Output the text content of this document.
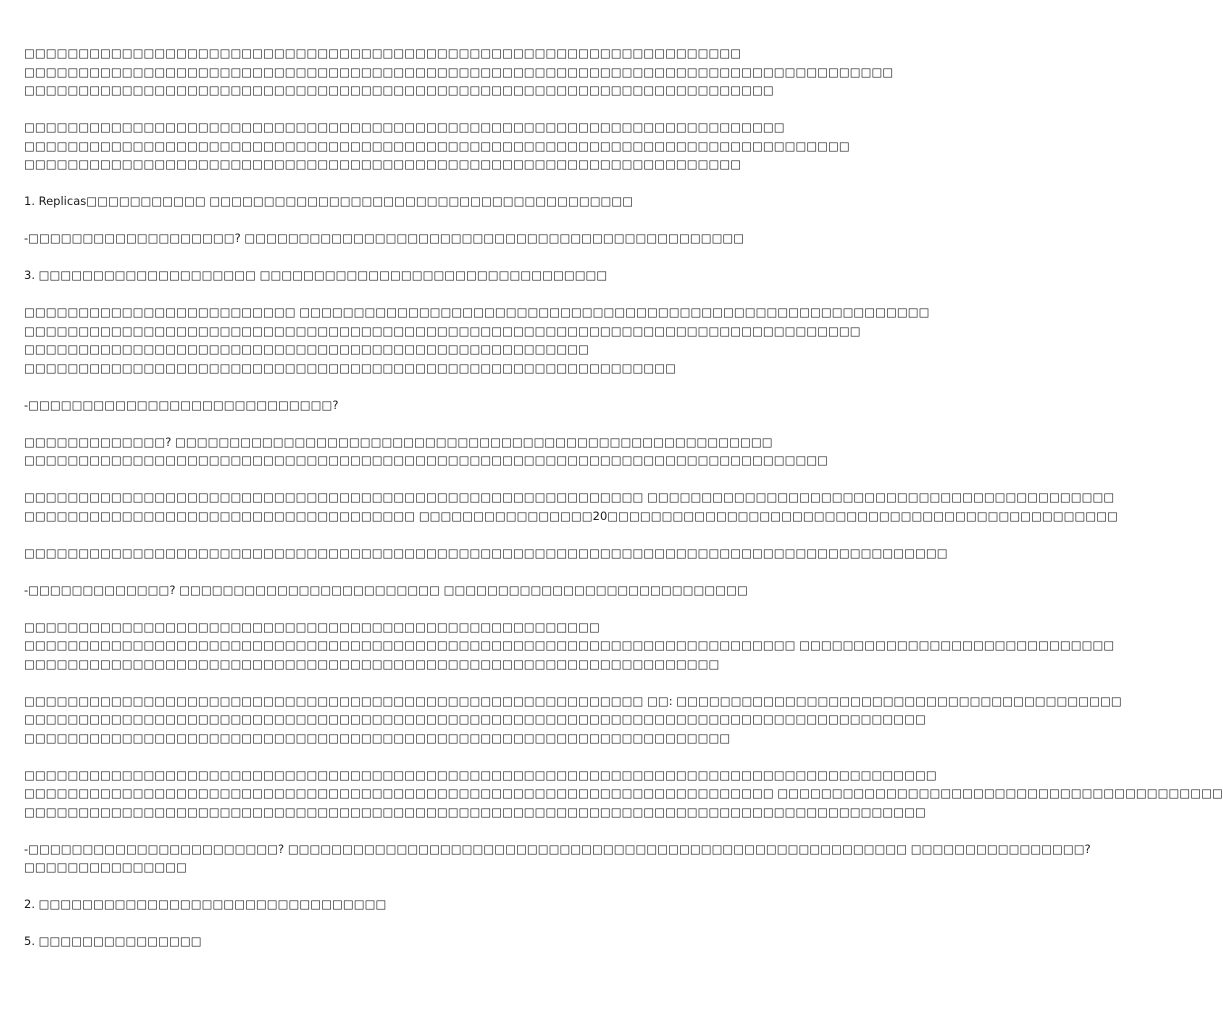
□□□□□□□□□□□□□□□□□□□□□□□□□□□□□□□□□□□□□□□□□□□□□□□□□□□□□□□□□□□□□□□□□□
□□□□□□□□□□□□□□□□□□□□□□□□□□□□□□□□□□□□□□□□□□□□□□□□□□□□□□□□□□□□□□□□□□□□□□□□□□□□□□□□
□□□□□□□□□□□□□□□□□□□□□□□□□□□□□□□□□□□□□□□□□□□□□□□□□□□□□□□□□□□□□□□□□□□□□

□□□□□□□□□□□□□□□□□□□□□□□□□□□□□□□□□□□□□□□□□□□□□□□□□□□□□□□□□□□□□□□□□□□□□□
□□□□□□□□□□□□□□□□□□□□□□□□□□□□□□□□□□□□□□□□□□□□□□□□□□□□□□□□□□□□□□□□□□□□□□□□□□□□
□□□□□□□□□□□□□□□□□□□□□□□□□□□□□□□□□□□□□□□□□□□□□□□□□□□□□□□□□□□□□□□□□□

1. Replicas□□□□□□□□□□□ □□□□□□□□□□□□□□□□□□□□□□□□□□□□□□□□□□□□□□□

-□□□□□□□□□□□□□□□□□□□? □□□□□□□□□□□□□□□□□□□□□□□□□□□□□□□□□□□□□□□□□□□□□□

3. □□□□□□□□□□□□□□□□□□□□ □□□□□□□□□□□□□□□□□□□□□□□□□□□□□□□□

□□□□□□□□□□□□□□□□□□□□□□□□□ □□□□□□□□□□□□□□□□□□□□□□□□□□□□□□□□□□□□□□□□□□□□□□□□□□□□□□□□□□
□□□□□□□□□□□□□□□□□□□□□□□□□□□□□□□□□□□□□□□□□□□□□□□□□□□□□□□□□□□□□□□□□□□□□□□□□□□□□
□□□□□□□□□□□□□□□□□□□□□□□□□□□□□□□□□□□□□□□□□□□□□□□□□□□□
□□□□□□□□□□□□□□□□□□□□□□□□□□□□□□□□□□□□□□□□□□□□□□□□□□□□□□□□□□□□

-□□□□□□□□□□□□□□□□□□□□□□□□□□□□?

□□□□□□□□□□□□□? □□□□□□□□□□□□□□□□□□□□□□□□□□□□□□□□□□□□□□□□□□□□□□□□□□□□□□□
□□□□□□□□□□□□□□□□□□□□□□□□□□□□□□□□□□□□□□□□□□□□□□□□□□□□□□□□□□□□□□□□□□□□□□□□□□

□□□□□□□□□□□□□□□□□□□□□□□□□□□□□□□□□□□□□□□□□□□□□□□□□□□□□□□□□ □□□□□□□□□□□□□□□□□□□□□□□□□□□□□□□□□□□□□□□□□□□
□□□□□□□□□□□□□□□□□□□□□□□□□□□□□□□□□□□□ □□□□□□□□□□□□□□□□20□□□□□□□□□□□□□□□□□□□□□□□□□□□□□□□□□□□□□□□□□□□□□□□

□□□□□□□□□□□□□□□□□□□□□□□□□□□□□□□□□□□□□□□□□□□□□□□□□□□□□□□□□□□□□□□□□□□□□□□□□□□□□□□□□□□□□

-□□□□□□□□□□□□□? □□□□□□□□□□□□□□□□□□□□□□□□ □□□□□□□□□□□□□□□□□□□□□□□□□□□□

□□□□□□□□□□□□□□□□□□□□□□□□□□□□□□□□□□□□□□□□□□□□□□□□□□□□□
□□□□□□□□□□□□□□□□□□□□□□□□□□□□□□□□□□□□□□□□□□□□□□□□□□□□□□□□□□□□□□□□□□□□□□□ □□□□□□□□□□□□□□□□□□□□□□□□□□□□□
□□□□□□□□□□□□□□□□□□□□□□□□□□□□□□□□□□□□□□□□□□□□□□□□□□□□□□□□□□□□□□□□

□□□□□□□□□□□□□□□□□□□□□□□□□□□□□□□□□□□□□□□□□□□□□□□□□□□□□□□□□ □□: □□□□□□□□□□□□□□□□□□□□□□□□□□□□□□□□□□□□□□□□□
□□□□□□□□□□□□□□□□□□□□□□□□□□□□□□□□□□□□□□□□□□□□□□□□□□□□□□□□□□□□□□□□□□□□□□□□□□□□□□□□□□□
□□□□□□□□□□□□□□□□□□□□□□□□□□□□□□□□□□□□□□□□□□□□□□□□□□□□□□□□□□□□□□□□□

□□□□□□□□□□□□□□□□□□□□□□□□□□□□□□□□□□□□□□□□□□□□□□□□□□□□□□□□□□□□□□□□□□□□□□□□□□□□□□□□□□□□
□□□□□□□□□□□□□□□□□□□□□□□□□□□□□□□□□□□□□□□□□□□□□□□□□□□□□□□□□□□□□□□□□□□□□ □□□□□□□□□□□□□□□□□□□□□□□□□□□□□□□□□□□□□□□□□
□□□□□□□□□□□□□□□□□□□□□□□□□□□□□□□□□□□□□□□□□□□□□□□□□□□□□□□□□□□□□□□□□□□□□□□□□□□□□□□□□□□

-□□□□□□□□□□□□□□□□□□□□□□□? □□□□□□□□□□□□□□□□□□□□□□□□□□□□□□□□□□□□□□□□□□□□□□□□□□□□□□□□□ □□□□□□□□□□□□□□□□?
□□□□□□□□□□□□□□□

2. □□□□□□□□□□□□□□□□□□□□□□□□□□□□□□□□

5. □□□□□□□□□□□□□□□
